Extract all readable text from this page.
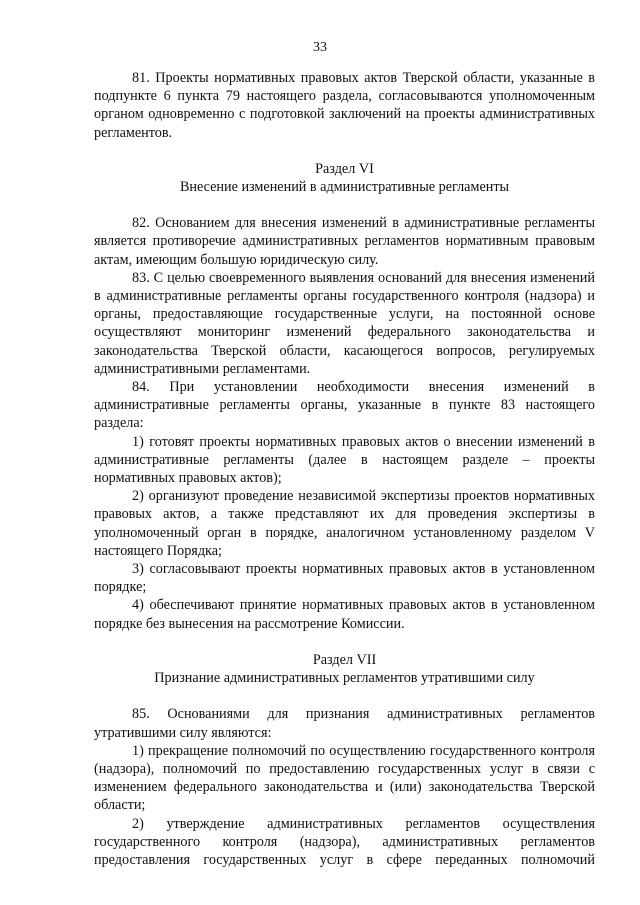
33

81. Проекты нормативных правовых актов Тверской области, указанные в подпункте 6 пункта 79 настоящего раздела, согласовываются уполномоченным органом одновременно с подготовкой заключений на проекты административных регламентов.

Раздел VI

Внесение изменений в административные регламенты

82. Основанием для внесения изменений в административные регламенты является противоречие административных регламентов нормативным правовым актам, имеющим большую юридическую силу.

83. С целью своевременного выявления оснований для внесения изменений в административные регламенты органы государственного контроля (надзора) и органы, предоставляющие государственные услуги, на постоянной основе осуществляют мониторинг изменений федерального законодательства и законодательства Тверской области, касающегося вопросов, регулируемых административными регламентами.

84. При установлении необходимости внесения изменений в административные регламенты органы, указанные в пункте 83 настоящего раздела:

1) готовят проекты нормативных правовых актов о внесении изменений в административные регламенты (далее в настоящем разделе – проекты нормативных правовых актов);

2) организуют проведение независимой экспертизы проектов нормативных правовых актов, а также представляют их для проведения экспертизы в уполномоченный орган в порядке, аналогичном установленному разделом V настоящего Порядка;

3) согласовывают проекты нормативных правовых актов в установленном порядке;

4) обеспечивают принятие нормативных правовых актов в установленном порядке без вынесения на рассмотрение Комиссии.

Раздел VII

Признание административных регламентов утратившими силу

85. Основаниями для признания административных регламентов утратившими силу являются:

1) прекращение полномочий по осуществлению государственного контроля (надзора), полномочий по предоставлению государственных услуг в связи с изменением федерального законодательства и (или) законодательства Тверской области;

2) утверждение административных регламентов осуществления государственного контроля (надзора), административных регламентов предоставления государственных услуг в сфере переданных полномочий
